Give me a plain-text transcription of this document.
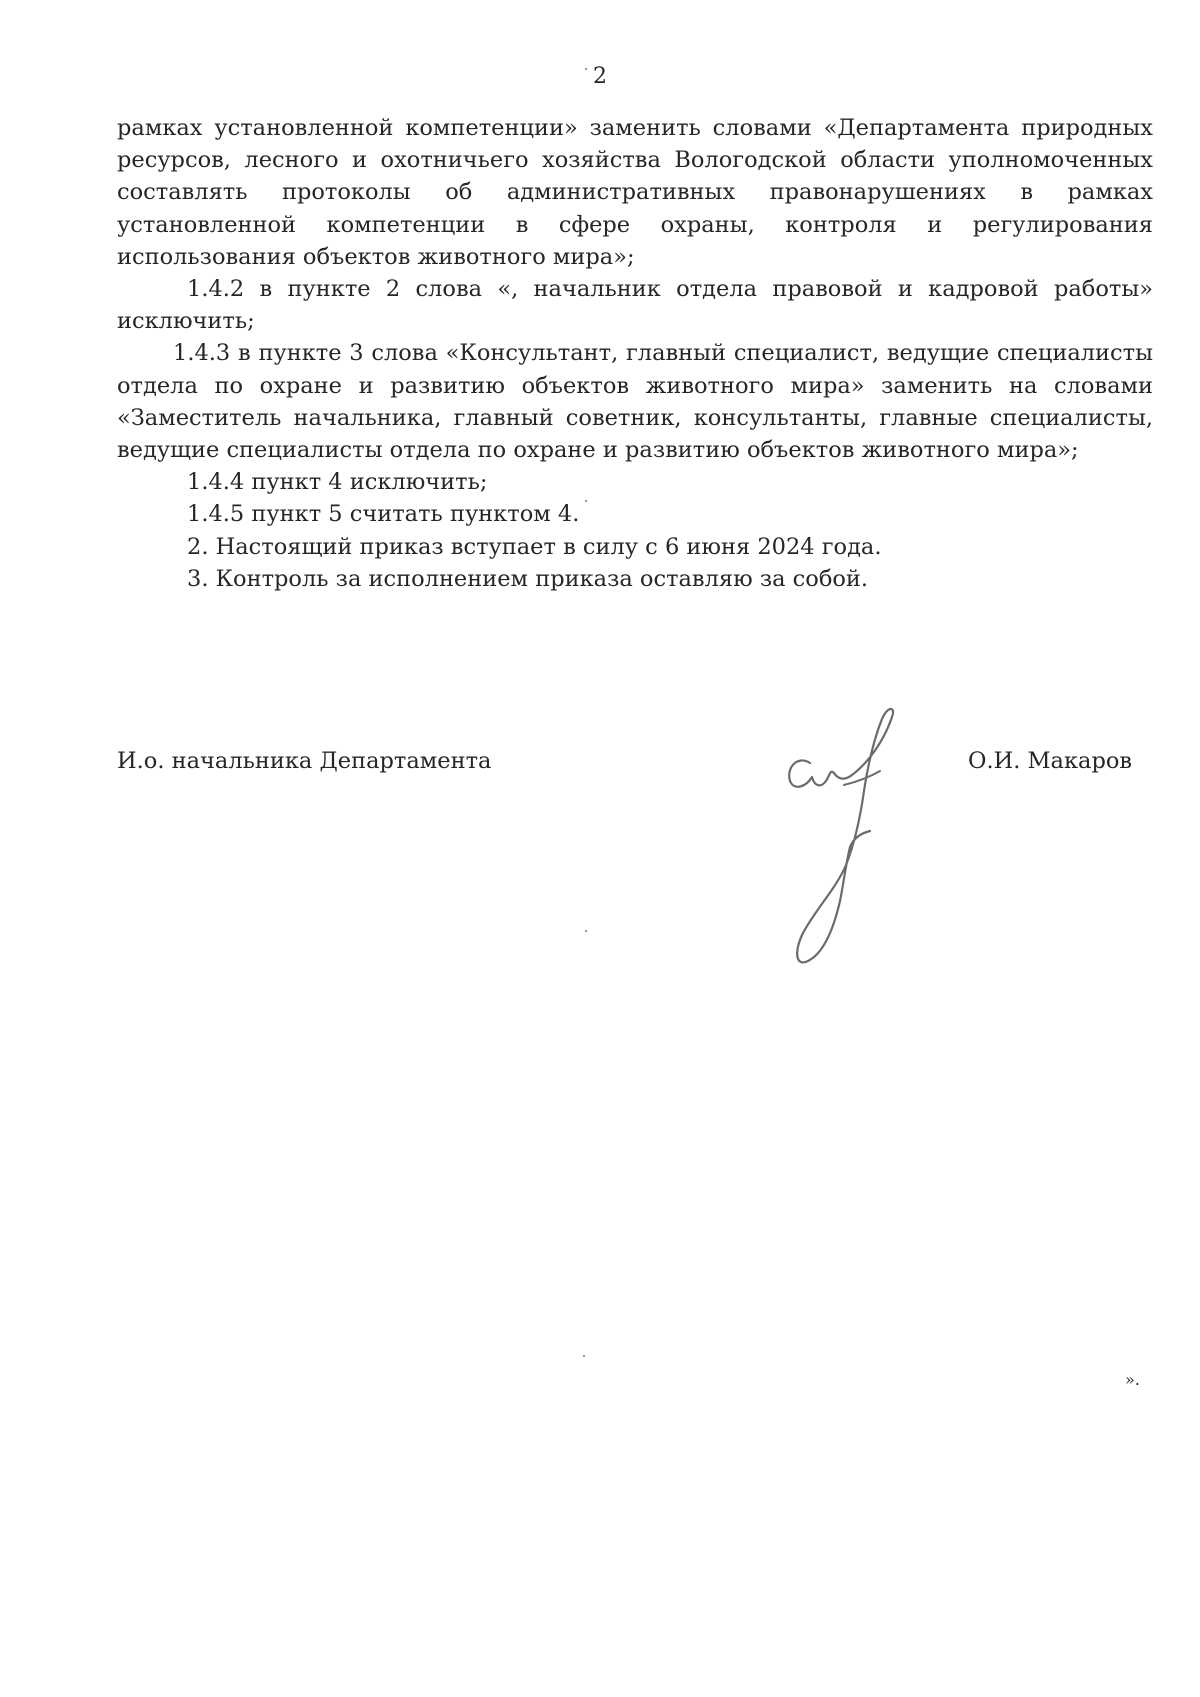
2

рамках установленной компетенции» заменить словами «Департамента природных ресурсов, лесного и охотничьего хозяйства Вологодской области уполномоченных составлять протоколы об административных правонарушениях в рамках установленной компетенции в сфере охраны, контроля и регулирования использования объектов животного мира»;

1.4.2 в пункте 2 слова «, начальник отдела правовой и кадровой работы» исключить;

1.4.3 в пункте 3 слова «Консультант, главный специалист, ведущие специалисты отдела по охране и развитию объектов животного мира» заменить на словами «Заместитель начальника, главный советник, консультанты, главные специалисты, ведущие специалисты отдела по охране и развитию объектов животного мира»;

1.4.4 пункт 4 исключить;

1.4.5 пункт 5 считать пунктом 4.

2. Настоящий приказ вступает в силу с 6 июня 2024 года.

3. Контроль за исполнением приказа оставляю за собой.

И.о. начальника Департамента	О.И. Макаров
».
